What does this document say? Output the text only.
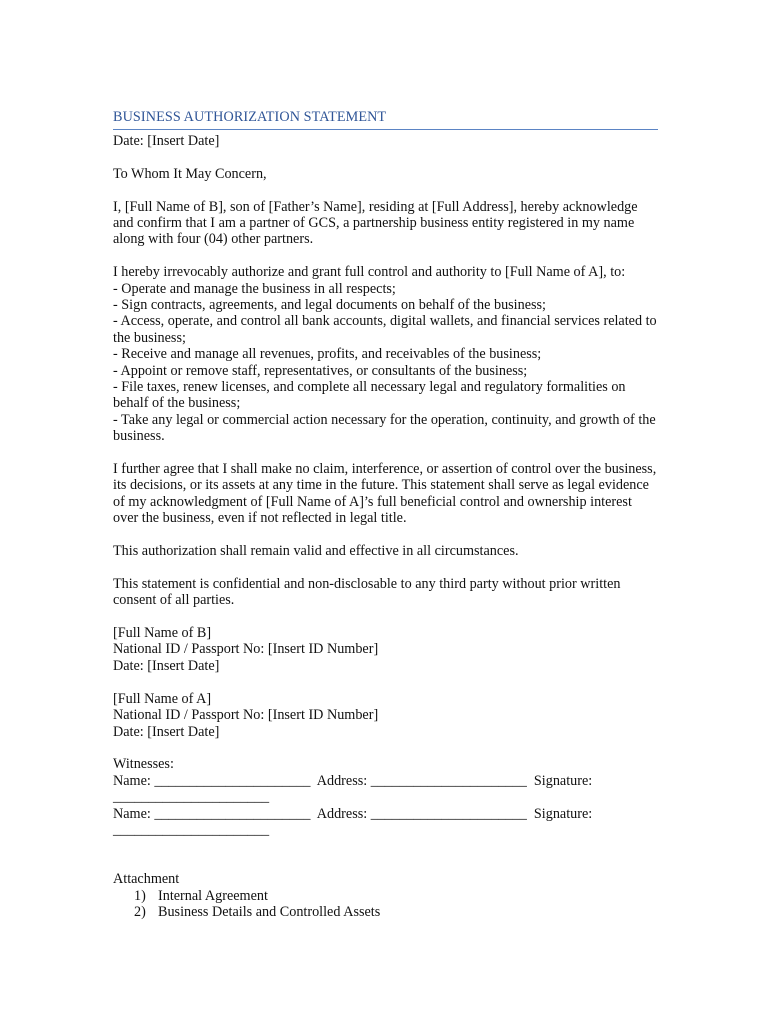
BUSINESS AUTHORIZATION STATEMENT

Date: [Insert Date]

To Whom It May Concern,

I, [Full Name of B], son of [Father’s Name], residing at [Full Address], hereby acknowledge and confirm that I am a partner of GCS, a partnership business entity registered in my name along with four (04) other partners.

I hereby irrevocably authorize and grant full control and authority to [Full Name of A], to:

- Operate and manage the business in all respects;
- Sign contracts, agreements, and legal documents on behalf of the business;
- Access, operate, and control all bank accounts, digital wallets, and financial services related to the business;
- Receive and manage all revenues, profits, and receivables of the business;
- Appoint or remove staff, representatives, or consultants of the business;
- File taxes, renew licenses, and complete all necessary legal and regulatory formalities on behalf of the business;
- Take any legal or commercial action necessary for the operation, continuity, and growth of the business.

I further agree that I shall make no claim, interference, or assertion of control over the business, its decisions, or its assets at any time in the future. This statement shall serve as legal evidence of my acknowledgment of [Full Name of A]’s full beneficial control and ownership interest over the business, even if not reflected in legal title.

This authorization shall remain valid and effective in all circumstances.

This statement is confidential and non-disclosable to any third party without prior written consent of all parties.

[Full Name of B]
National ID / Passport No: [Insert ID Number]
Date: [Insert Date]
[Full Name of A]
National ID / Passport No: [Insert ID Number]
Date: [Insert Date]
Witnesses:
Name: ______________________ Address: ______________________ Signature:
______________________
Name: ______________________ Address: ______________________ Signature:
______________________
Attachment
1) Internal Agreement
2) Business Details and Controlled Assets
